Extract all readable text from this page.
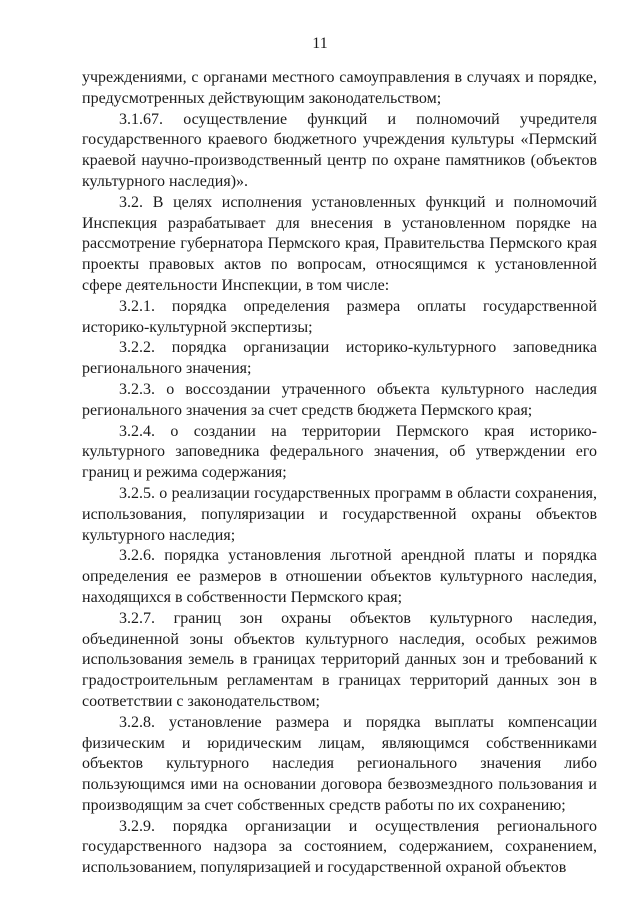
11

учреждениями, с органами местного самоуправления в случаях и порядке, предусмотренных действующим законодательством;

3.1.67. осуществление функций и полномочий учредителя государственного краевого бюджетного учреждения культуры «Пермский краевой научно-производственный центр по охране памятников (объектов культурного наследия)».

3.2. В целях исполнения установленных функций и полномочий Инспекция разрабатывает для внесения в установленном порядке на рассмотрение губернатора Пермского края, Правительства Пермского края проекты правовых актов по вопросам, относящимся к установленной сфере деятельности Инспекции, в том числе:

3.2.1. порядка определения размера оплаты государственной историко-культурной экспертизы;

3.2.2. порядка организации историко-культурного заповедника регионального значения;

3.2.3. о воссоздании утраченного объекта культурного наследия регионального значения за счет средств бюджета Пермского края;

3.2.4. о создании на территории Пермского края историко-культурного заповедника федерального значения, об утверждении его границ и режима содержания;

3.2.5. о реализации государственных программ в области сохранения, использования, популяризации и государственной охраны объектов культурного наследия;

3.2.6. порядка установления льготной арендной платы и порядка определения ее размеров в отношении объектов культурного наследия, находящихся в собственности Пермского края;

3.2.7. границ зон охраны объектов культурного наследия, объединенной зоны объектов культурного наследия, особых режимов использования земель в границах территорий данных зон и требований к градостроительным регламентам в границах территорий данных зон в соответствии с законодательством;

3.2.8. установление размера и порядка выплаты компенсации физическим и юридическим лицам, являющимся собственниками объектов культурного наследия регионального значения либо пользующимся ими на основании договора безвозмездного пользования и производящим за счет собственных средств работы по их сохранению;

3.2.9. порядка организации и осуществления регионального государственного надзора за состоянием, содержанием, сохранением, использованием, популяризацией и государственной охраной объектов
